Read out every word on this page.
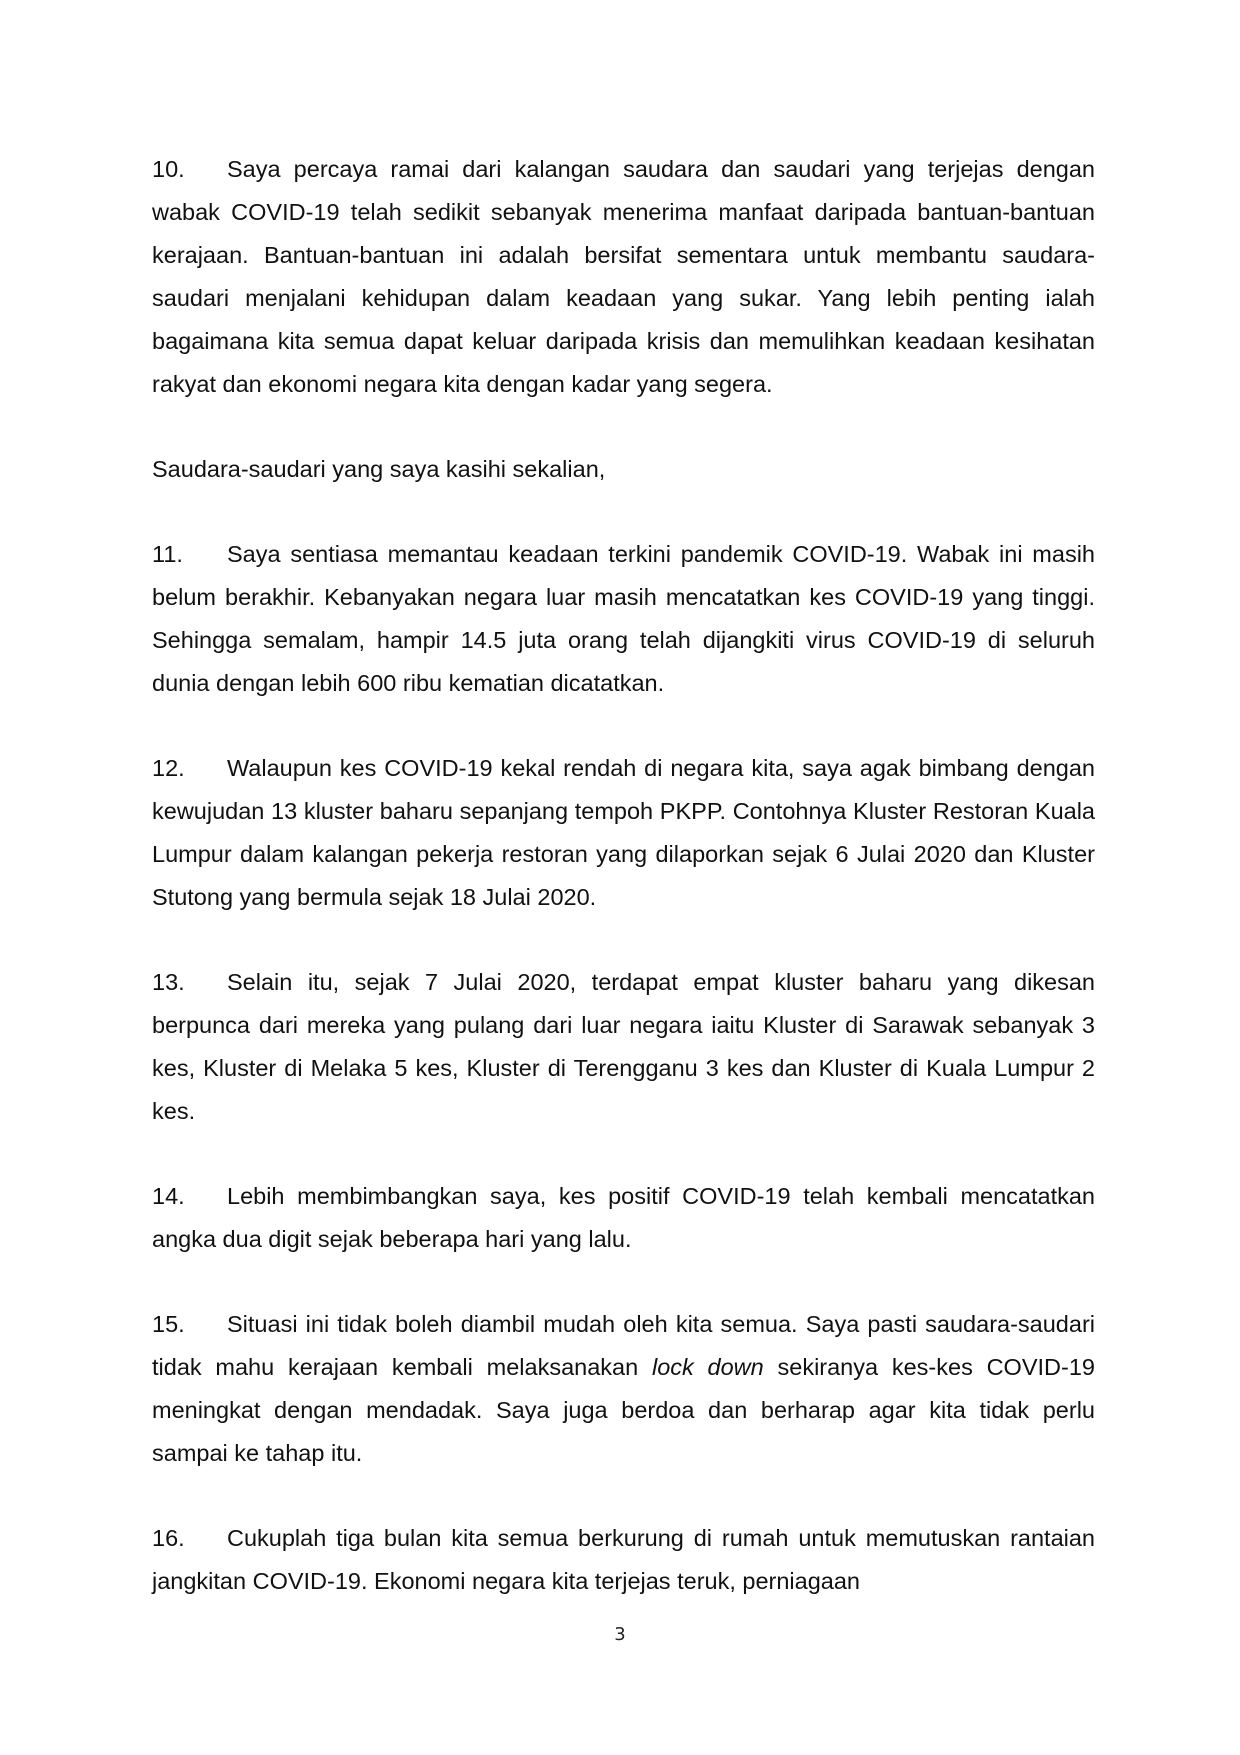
10. Saya percaya ramai dari kalangan saudara dan saudari yang terjejas dengan wabak COVID-19 telah sedikit sebanyak menerima manfaat daripada bantuan-bantuan kerajaan. Bantuan-bantuan ini adalah bersifat sementara untuk membantu saudara-saudari menjalani kehidupan dalam keadaan yang sukar. Yang lebih penting ialah bagaimana kita semua dapat keluar daripada krisis dan memulihkan keadaan kesihatan rakyat dan ekonomi negara kita dengan kadar yang segera.

Saudara-saudari yang saya kasihi sekalian,

11. Saya sentiasa memantau keadaan terkini pandemik COVID-19. Wabak ini masih belum berakhir. Kebanyakan negara luar masih mencatatkan kes COVID-19 yang tinggi. Sehingga semalam, hampir 14.5 juta orang telah dijangkiti virus COVID-19 di seluruh dunia dengan lebih 600 ribu kematian dicatatkan.

12. Walaupun kes COVID-19 kekal rendah di negara kita, saya agak bimbang dengan kewujudan 13 kluster baharu sepanjang tempoh PKPP. Contohnya Kluster Restoran Kuala Lumpur dalam kalangan pekerja restoran yang dilaporkan sejak 6 Julai 2020 dan Kluster Stutong yang bermula sejak 18 Julai 2020.

13. Selain itu, sejak 7 Julai 2020, terdapat empat kluster baharu yang dikesan berpunca dari mereka yang pulang dari luar negara iaitu Kluster di Sarawak sebanyak 3 kes, Kluster di Melaka 5 kes, Kluster di Terengganu 3 kes dan Kluster di Kuala Lumpur 2 kes.

14. Lebih membimbangkan saya, kes positif COVID-19 telah kembali mencatatkan angka dua digit sejak beberapa hari yang lalu.

15. Situasi ini tidak boleh diambil mudah oleh kita semua. Saya pasti saudara-saudari tidak mahu kerajaan kembali melaksanakan lock down sekiranya kes-kes COVID-19 meningkat dengan mendadak. Saya juga berdoa dan berharap agar kita tidak perlu sampai ke tahap itu.

16. Cukuplah tiga bulan kita semua berkurung di rumah untuk memutuskan rantaian jangkitan COVID-19. Ekonomi negara kita terjejas teruk, perniagaan

3
